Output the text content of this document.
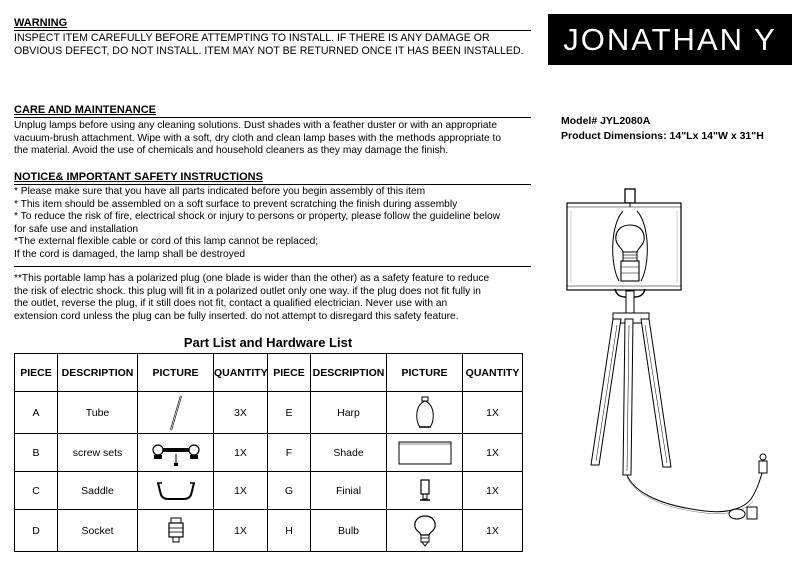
WARNING
INSPECT ITEM CAREFULLY BEFORE ATTEMPTING TO INSTALL. IF THERE IS ANY DAMAGE OR
OBVIOUS DEFECT, DO NOT INSTALL. ITEM MAY NOT BE RETURNED ONCE IT HAS BEEN INSTALLED.	JONATHAN Y
Model# JYL2080A
Product Dimensions: 14"Lx 14"W x 31"H
CARE AND MAINTENANCE
Unplug lamps before using any cleaning solutions. Dust shades with a feather duster or with an appropriate
vacuum-brush attachment. Wipe with a soft, dry cloth and clean lamp bases with the methods appropriate to
the material. Avoid the use of chemicals and household cleaners as they may damage the finish.
NOTICE& IMPORTANT SAFETY INSTRUCTIONS
* Please make sure that you have all parts indicated before you begin assembly of this item
* This item should be assembled on a soft surface to prevent scratching the finish during assembly
* To reduce the risk of fire, electrical shock or injury to persons or property, please follow the guideline below
for safe use and installation
*The external flexible cable or cord of this lamp cannot be replaced;
If the cord is damaged, the lamp shall be destroyed
**This portable lamp has a polarized plug (one blade is wider than the other) as a safety feature to reduce
the risk of electric shock. this plug will fit in a polarized outlet only one way. if the plug does not fit fully in
the outlet, reverse the plug, if it still does not fit, contact a qualified electrician. Never use with an
extension cord unless the plug can be fully inserted. do not attempt to disregard this safety feature.
Part List and Hardware List
PIECE	DESCRIPTION	PICTURE	QUANTITY	PIECE	DESCRIPTION	PICTURE	QUANTITY
A	Tube		3X	E	Harp		1X
B	screw sets		1X	F	Shade		1X
C	Saddle		1X	G	Finial		1X
D	Socket		1X	H	Bulb		1X
